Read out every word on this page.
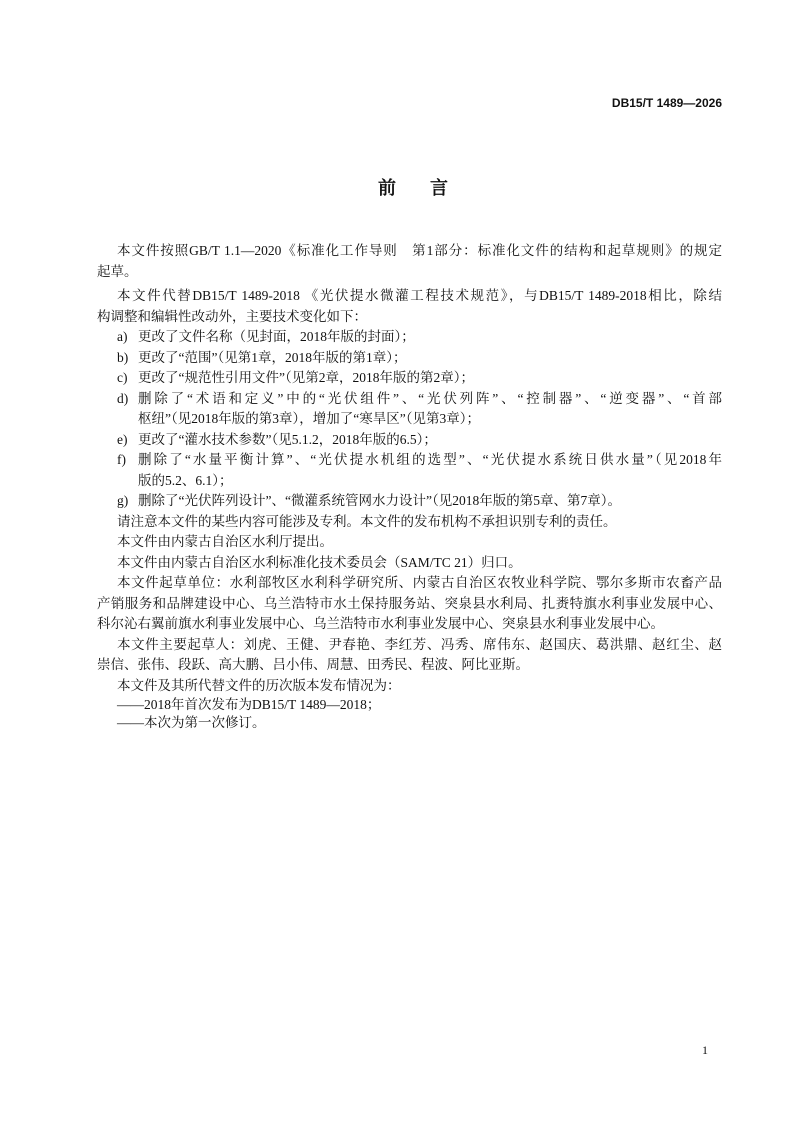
DB15/T 1489—2026
前　言
本文件按照GB/T 1.1—2020《标准化工作导则　第1部分：标准化文件的结构和起草规则》的规定
起草。
本文件代替DB15/T 1489-2018 《光伏提水微灌工程技术规范》，与DB15/T 1489-2018相比，除结
构调整和编辑性改动外，主要技术变化如下：
a) 更改了文件名称（见封面，2018年版的封面）；
b) 更改了“范围”（见第1章，2018年版的第1章）；
c) 更改了“规范性引用文件”（见第2章，2018年版的第2章）；
d) 删除了“术语和定义”中的“光伏组件”、“光伏列阵”、“控制器”、“逆变器”、“首部
枢纽”（见2018年版的第3章），增加了“寒旱区”（见第3章）；
e) 更改了“灌水技术参数”（见5.1.2，2018年版的6.5）；
f) 删除了“水量平衡计算”、“光伏提水机组的选型”、“光伏提水系统日供水量”（见2018年
版的5.2、6.1）；
g) 删除了“光伏阵列设计”、“微灌系统管网水力设计”（见2018年版的第5章、第7章）。
请注意本文件的某些内容可能涉及专利。本文件的发布机构不承担识别专利的责任。
本文件由内蒙古自治区水利厅提出。
本文件由内蒙古自治区水利标准化技术委员会（SAM/TC 21）归口。
本文件起草单位：水利部牧区水利科学研究所、内蒙古自治区农牧业科学院、鄂尔多斯市农畜产品
产销服务和品牌建设中心、乌兰浩特市水土保持服务站、突泉县水利局、扎赉特旗水利事业发展中心、
科尔沁右翼前旗水利事业发展中心、乌兰浩特市水利事业发展中心、突泉县水利事业发展中心。
本文件主要起草人：刘虎、王健、尹春艳、李红芳、冯秀、席伟东、赵国庆、葛洪鼎、赵红尘、赵
崇信、张伟、段跃、高大鹏、吕小伟、周慧、田秀民、程波、阿比亚斯。
本文件及其所代替文件的历次版本发布情况为：
——2018年首次发布为DB15/T 1489—2018；
——本次为第一次修订。
1
